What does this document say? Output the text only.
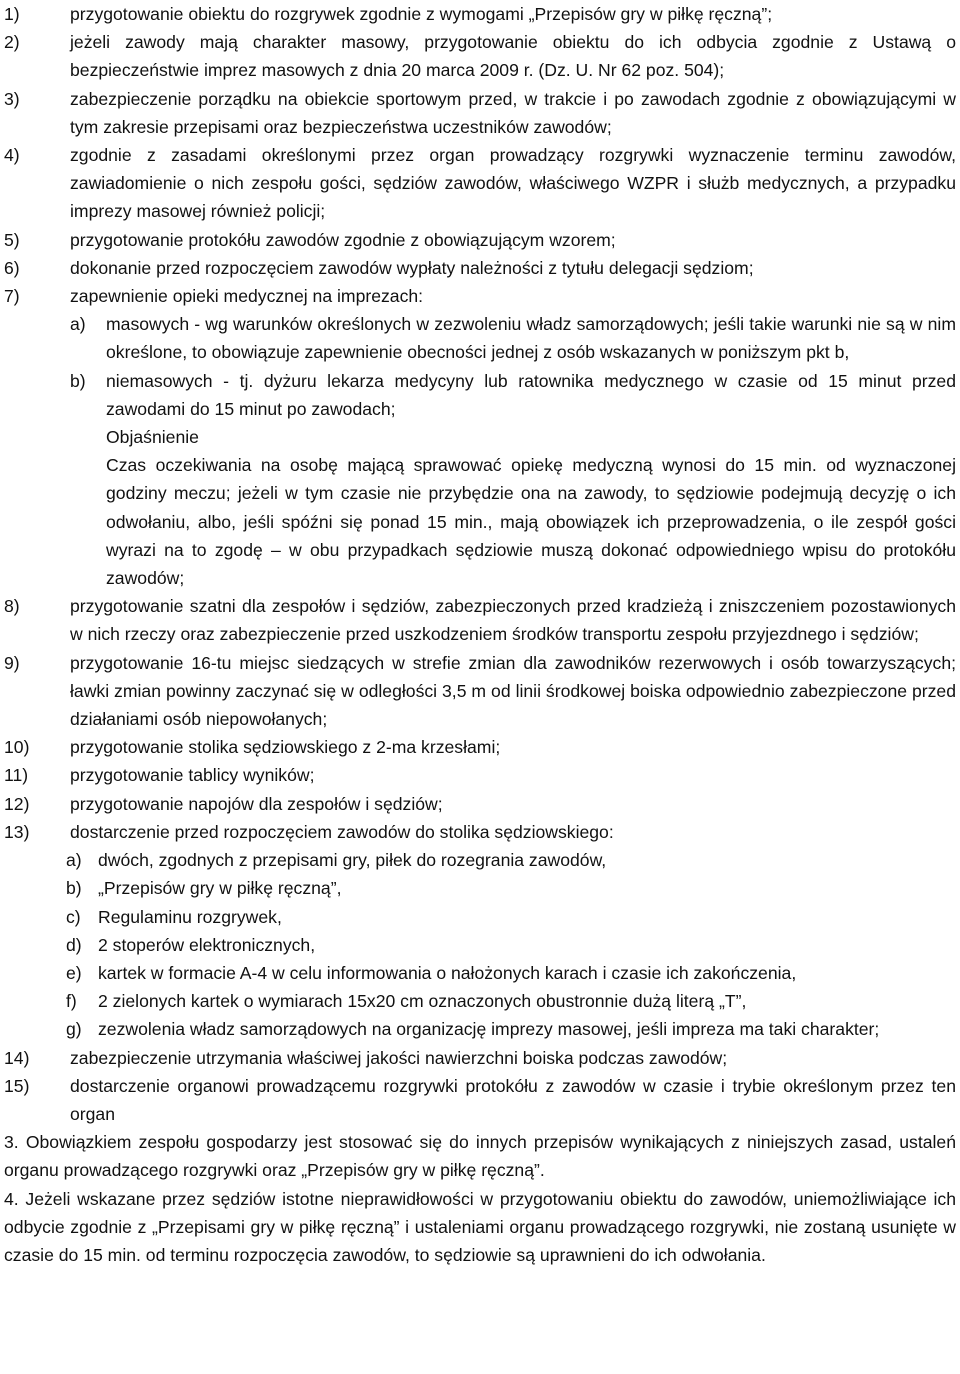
1)	przygotowanie obiektu do rozgrywek zgodnie z wymogami „Przepisów gry w piłkę ręczną”;
2)	jeżeli zawody mają charakter masowy, przygotowanie obiektu do ich odbycia zgodnie z Ustawą o bezpieczeństwie imprez masowych z dnia 20 marca 2009 r. (Dz. U. Nr 62 poz. 504);
3)	zabezpieczenie porządku na obiekcie sportowym przed, w trakcie i po zawodach zgodnie z obowiązującymi w tym zakresie przepisami oraz bezpieczeństwa uczestników zawodów;
4)	zgodnie z zasadami określonymi przez organ prowadzący rozgrywki wyznaczenie terminu zawodów, zawiadomienie o nich zespołu gości, sędziów zawodów, właściwego WZPR i służb medycznych, a przypadku imprezy masowej również policji;
5)	przygotowanie protokółu zawodów zgodnie z obowiązującym wzorem;
6)	dokonanie przed rozpoczęciem zawodów wypłaty należności z tytułu delegacji sędziom;
7)	zapewnienie opieki medycznej na imprezach:
a) masowych - wg warunków określonych w zezwoleniu władz samorządowych; jeśli takie warunki nie są w nim określone, to obowiązuje zapewnienie obecności jednej z osób wskazanych w poniższym pkt b,
b) niemasowych - tj. dyżuru lekarza medycyny lub ratownika medycznego w czasie od 15 minut przed zawodami do 15 minut po zawodach;
Objaśnienie
Czas oczekiwania na osobę mającą sprawować opiekę medyczną wynosi do 15 min. od wyznaczonej godziny meczu; jeżeli w tym czasie nie przybędzie ona na zawody, to sędziowie podejmują decyzję o ich odwołaniu, albo, jeśli spóźni się ponad 15 min., mają obowiązek ich przeprowadzenia, o ile zespół gości wyrazi na to zgodę – w obu przypadkach sędziowie muszą dokonać odpowiedniego wpisu do protokółu zawodów;
8)	przygotowanie szatni dla zespołów i sędziów, zabezpieczonych przed kradzieżą i zniszczeniem pozostawionych w nich rzeczy oraz zabezpieczenie przed uszkodzeniem środków transportu zespołu przyjezdnego i sędziów;
9)	przygotowanie 16-tu miejsc siedzących w strefie zmian dla zawodników rezerwowych i osób towarzyszących; ławki zmian powinny zaczynać się w odległości 3,5 m od linii środkowej boiska odpowiednio zabezpieczone przed działaniami osób niepowołanych;
10) przygotowanie stolika sędziowskiego z 2-ma krzesłami;
11) przygotowanie tablicy wyników;
12) przygotowanie napojów dla zespołów i sędziów;
13) dostarczenie przed rozpoczęciem zawodów do stolika sędziowskiego:
a) dwóch, zgodnych z przepisami gry, piłek do rozegrania zawodów,
b) „Przepisów gry w piłkę ręczną”,
c) Regulaminu rozgrywek,
d) 2 stoperów elektronicznych,
e) kartek w formacie A-4 w celu informowania o nałożonych karach i czasie ich zakończenia,
f) 2 zielonych kartek o wymiarach 15x20 cm oznaczonych obustronnie dużą literą „T”,
g) zezwolenia władz samorządowych na organizację imprezy masowej, jeśli impreza ma taki charakter;
14) zabezpieczenie utrzymania właściwej jakości nawierzchni boiska podczas zawodów;
15) dostarczenie organowi prowadzącemu rozgrywki protokółu z zawodów w czasie i trybie określonym przez ten organ
3. Obowiązkiem zespołu gospodarzy jest stosować się do innych przepisów wynikających z niniejszych zasad, ustaleń organu prowadzącego rozgrywki oraz „Przepisów gry w piłkę ręczną”.
4. Jeżeli wskazane przez sędziów istotne nieprawidłowości w przygotowaniu obiektu do zawodów, uniemożliwiające ich odbycie zgodnie z „Przepisami gry w piłkę ręczną” i ustaleniami organu prowadzącego rozgrywki, nie zostaną usunięte w czasie do 15 min. od terminu rozpoczęcia zawodów, to sędziowie są uprawnieni do ich odwołania.
